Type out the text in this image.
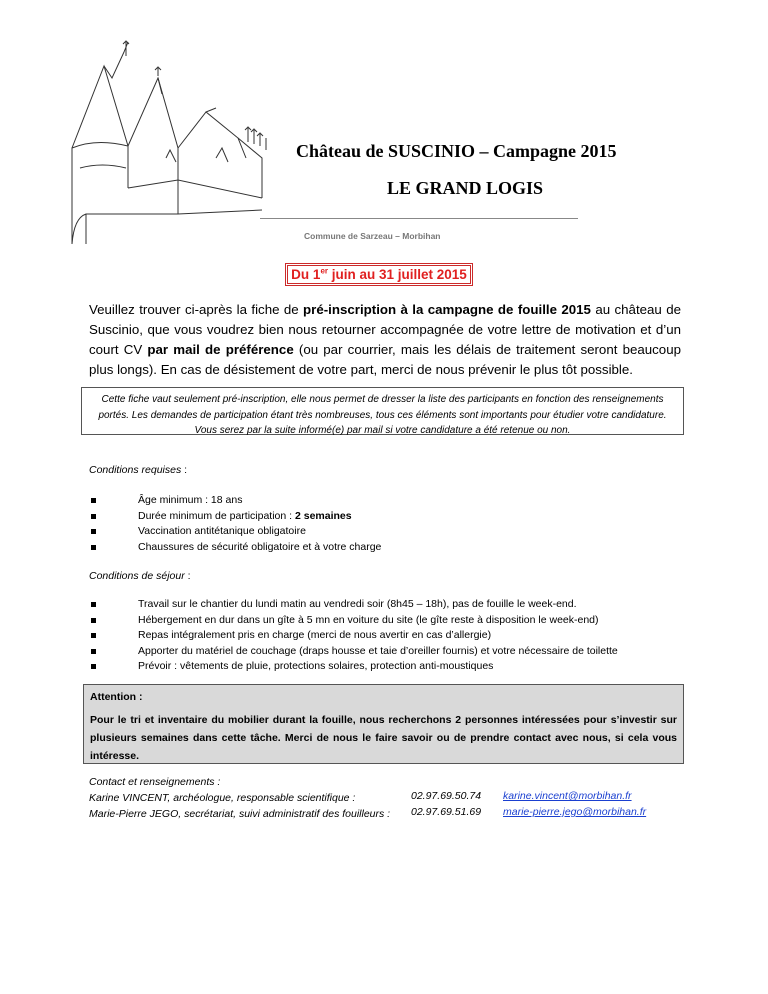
Château de SUSCINIO – Campagne 2015
LE GRAND LOGIS
Commune de Sarzeau – Morbihan
Du 1er juin au 31 juillet 2015
Veuillez trouver ci-après la fiche de pré-inscription à la campagne de fouille 2015 au château de Suscinio, que vous voudrez bien nous retourner accompagnée de votre lettre de motivation et d’un court CV par mail de préférence (ou par courrier, mais les délais de traitement seront beaucoup plus longs). En cas de désistement de votre part, merci de nous prévenir le plus tôt possible.
Cette fiche vaut seulement pré-inscription, elle nous permet de dresser la liste des participants en fonction des renseignements portés. Les demandes de participation étant très nombreuses, tous ces éléments sont importants pour étudier votre candidature. Vous serez par la suite informé(e) par mail si votre candidature a été retenue ou non.
Conditions requises :
Âge minimum : 18 ans
Durée minimum de participation : 2 semaines
Vaccination antitétanique obligatoire
Chaussures de sécurité obligatoire et à votre charge
Conditions de séjour :
Travail sur le chantier du lundi matin au vendredi soir (8h45 – 18h), pas de fouille le week-end.
Hébergement en dur dans un gîte à 5 mn en voiture du site (le gîte reste à disposition le week-end)
Repas intégralement pris en charge (merci de nous avertir en cas d’allergie)
Apporter du matériel de couchage (draps housse et taie d’oreiller fournis) et votre nécessaire de toilette
Prévoir : vêtements de pluie, protections solaires, protection anti-moustiques
Attention :
Pour le tri et inventaire du mobilier durant la fouille, nous recherchons 2 personnes intéressées pour s’investir sur plusieurs semaines dans cette tâche. Merci de nous le faire savoir ou de prendre contact avec nous, si cela vous intéresse.
Contact et renseignements :
Karine VINCENT, archéologue, responsable scientifique :	02.97.69.50.74 karine.vincent@morbihan.fr
Marie-Pierre JEGO, secrétariat, suivi administratif des fouilleurs : 02.97.69.51.69 marie-pierre.jego@morbihan.fr
